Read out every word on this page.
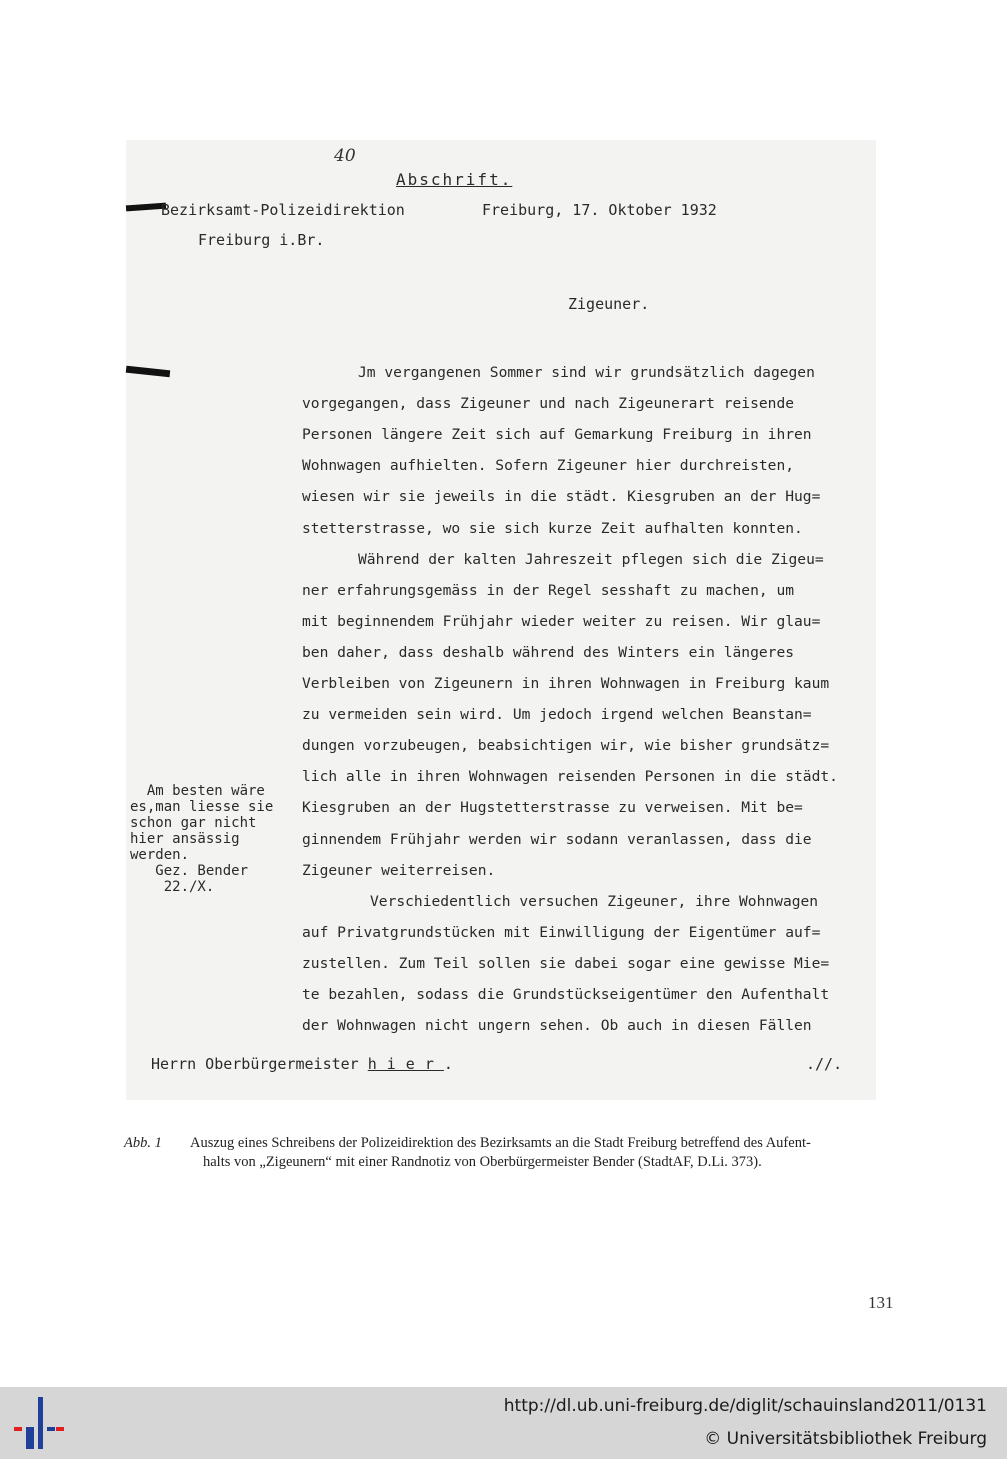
40
Abschrift.
Bezirksamt-Polizeidirektion
Freiburg i.Br.
Freiburg, 17. Oktober 1932
Zigeuner.
Jm vergangenen Sommer sind wir grundsätzlich dagegen
vorgegangen, dass Zigeuner und nach Zigeunerart reisende
Personen längere Zeit sich auf Gemarkung Freiburg in ihren
Wohnwagen aufhielten. Sofern Zigeuner hier durchreisten,
wiesen wir sie jeweils in die städt. Kiesgruben an der Hug=
stetterstrasse, wo sie sich kurze Zeit aufhalten konnten.
Während der kalten Jahreszeit pflegen sich die Zigeu=
ner erfahrungsgemäss in der Regel sesshaft zu machen, um
mit beginnendem Frühjahr wieder weiter zu reisen. Wir glau=
ben daher, dass deshalb während des Winters ein längeres
Verbleiben von Zigeunern in ihren Wohnwagen in Freiburg kaum
zu vermeiden sein wird. Um jedoch irgend welchen Beanstan=
dungen vorzubeugen, beabsichtigen wir, wie bisher grundsätz=
lich alle in ihren Wohnwagen reisenden Personen in die städt.
Kiesgruben an der Hugstetterstrasse zu verweisen. Mit be=
ginnendem Frühjahr werden wir sodann veranlassen, dass die
Zigeuner weiterreisen.
Verschiedentlich versuchen Zigeuner, ihre Wohnwagen
auf Privatgrundstücken mit Einwilligung der Eigentümer auf=
zustellen. Zum Teil sollen sie dabei sogar eine gewisse Mie=
te bezahlen, sodass die Grundstückseigentümer den Aufenthalt
der Wohnwagen nicht ungern sehen. Ob auch in diesen Fällen
Am besten wäre
es,man liesse sie
schon gar nicht
hier ansässig
werden.
Gez. Bender
22./X.
Herrn Oberbürgermeister hier.	.//.
Abb. 1 Auszug eines Schreibens der Polizeidirektion des Bezirksamts an die Stadt Freiburg betreffend des Aufent-
halts von „Zigeunern“ mit einer Randnotiz von Oberbürgermeister Bender (StadtAF, D.Li. 373).
131
http://dl.ub.uni-freiburg.de/diglit/schauinsland2011/0131
© Universitätsbibliothek Freiburg
